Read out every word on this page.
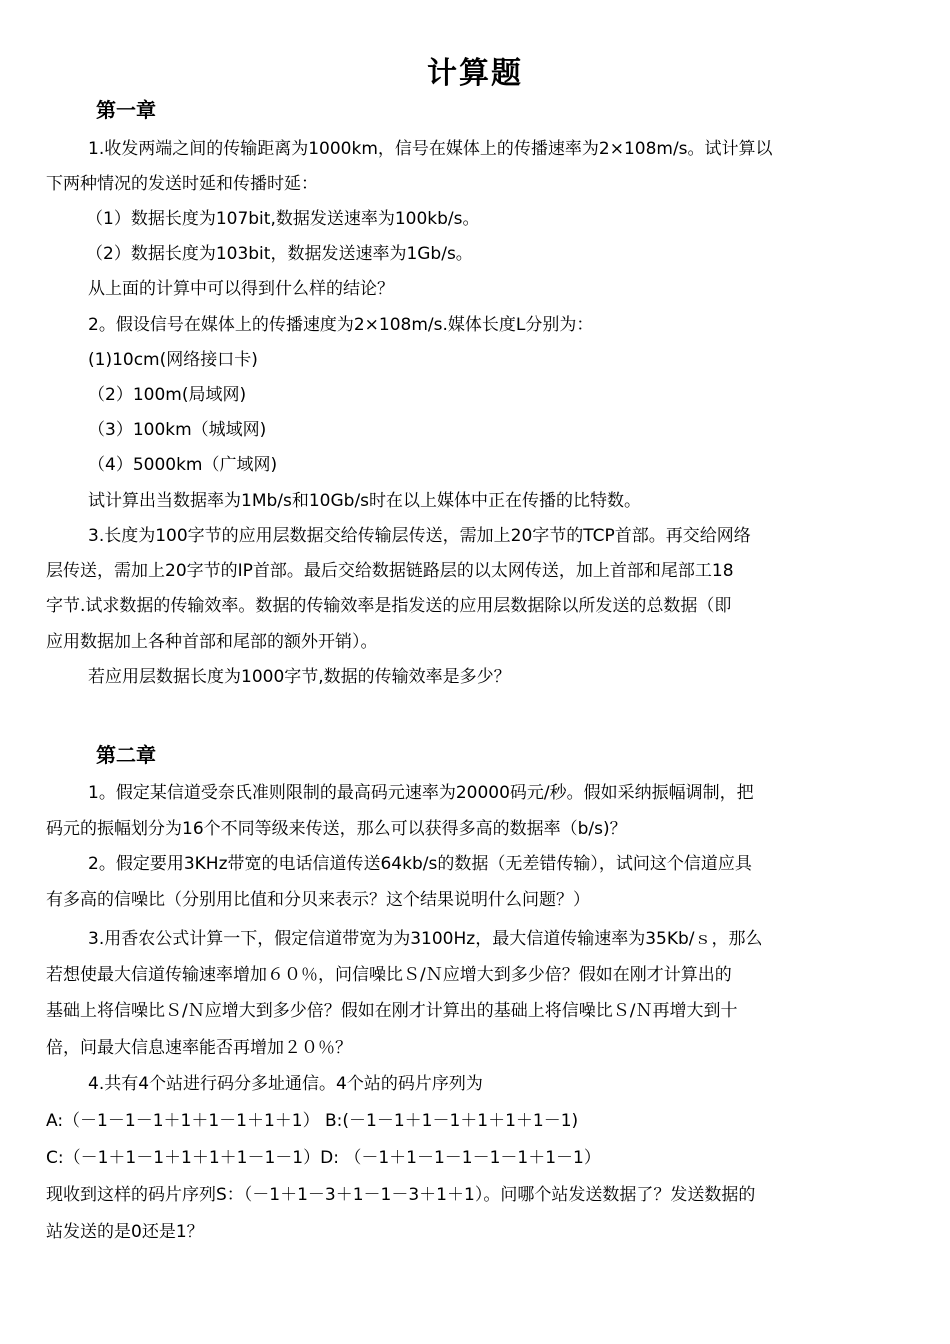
计算题
第一章
1.收发两端之间的传输距离为1000km，信号在媒体上的传播速率为2×108m/s。试计算以
下两种情况的发送时延和传播时延：
（1）数据长度为107bit,数据发送速率为100kb/s。
（2）数据长度为103bit，数据发送速率为1Gb/s。
从上面的计算中可以得到什么样的结论？
2。假设信号在媒体上的传播速度为2×108m/s.媒体长度L分别为：
(1)10cm(网络接口卡)
（2）100m(局域网)
（3）100km（城域网)
（4）5000km（广域网)
试计算出当数据率为1Mb/s和10Gb/s时在以上媒体中正在传播的比特数。
3.长度为100字节的应用层数据交给传输层传送，需加上20字节的TCP首部。再交给网络
层传送，需加上20字节的IP首部。最后交给数据链路层的以太网传送，加上首部和尾部工18
字节.试求数据的传输效率。数据的传输效率是指发送的应用层数据除以所发送的总数据（即
应用数据加上各种首部和尾部的额外开销）。
若应用层数据长度为1000字节,数据的传输效率是多少？
第二章
1。假定某信道受奈氏准则限制的最高码元速率为20000码元/秒。假如采纳振幅调制，把
码元的振幅划分为16个不同等级来传送，那么可以获得多高的数据率（b/s)？
2。假定要用3KHz带宽的电话信道传送64kb/s的数据（无差错传输），试问这个信道应具
有多高的信噪比（分别用比值和分贝来表示？这个结果说明什么问题？）
3.用香农公式计算一下，假定信道带宽为为3100Hz，最大信道传输速率为35Kb/ｓ，那么
若想使最大信道传输速率增加６０％，问信噪比Ｓ/Ｎ应增大到多少倍？假如在刚才计算出的
基础上将信噪比Ｓ/Ｎ应增大到多少倍？假如在刚才计算出的基础上将信噪比Ｓ/Ｎ再增大到十
倍，问最大信息速率能否再增加２０％？
4.共有4个站进行码分多址通信。4个站的码片序列为
A:（－1－1－1＋1＋1－1＋1＋1） B:(－1－1＋1－1＋1＋1＋1－1)
C:（－1＋1－1＋1＋1＋1－1－1）D: （－1＋1－1－1－1－1＋1－1）
现收到这样的码片序列S：（－1＋1－3＋1－1－3＋1＋1）。问哪个站发送数据了？发送数据的
站发送的是0还是1？
